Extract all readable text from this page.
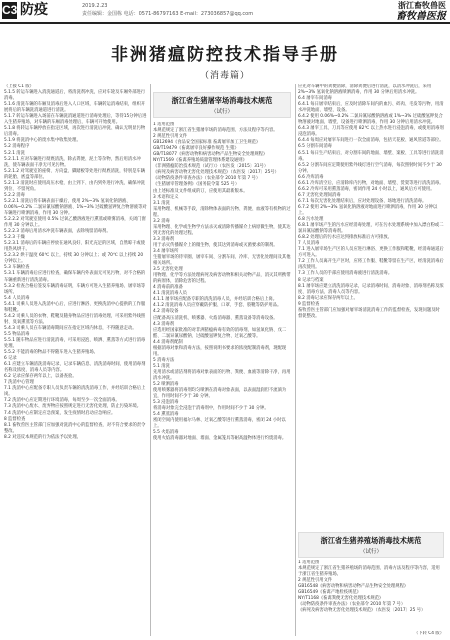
C3 防疫	2019.2.23
责任编辑：金国栋 电话：0571-86797163 E-mail：273036857@qq.com
浙江畜牧兽医
畜牧兽医报
非洲猪瘟防控技术指导手册
（消毒篇）

（上接 C1 版）

5.1.5 转运车辆进入消洗通道后，将清洗剂冲洗，应对车轮及车厢外部进行消毒。

5.1.6 清洗车辆的车厢及消毒后进入人口区域，车辆转运消毒结束，组织开展将后的车辆洗消通道进行清洗。

5.1.7 转运车辆进入场前在车辆洗消通道进行消毒处理后，等待15分钟后进入生猪养殖场，对车辆的车厢消毒处理后，车辆可开始使用。

5.1.8 将转运车辆停放在指定区域，再次进行清洗后冲洗、确认无明显污物后消毒。

5.1.9 将洗消中心的废水集中收集处理。

5.2 消毒程序

5.2.1 清洗

5.2.1.1 应对车辆进行彻底清洗，除去粪便、泥土等杂物，然后用清水冲洗，使车辆表面干净无可见污物。

5.2.1.2 对驾驶室的座椅、方向盘、脚踏板等处进行彻底清洗，特别是车辆的轮胎、底盘等部位。

5.2.1.3 清洗时应使用高压水枪，由上到下、由内到外进行冲洗，确保冲洗到位、不留死角。

5.2.2 消毒

5.2.2.1 清洗后待车辆表面干燥后，使用 2%~3% 氢氧化钠溶液、0.06%~0.2% 二氯异氰尿酸钠溶液、1%~3% 过硫酸氢钾复合物溶液等对车辆进行喷洒消毒，作用 30 分钟。

5.2.2.2 对驾驶室使用 0.5% 过氧乙酸溶液进行熏蒸或喷雾消毒，关闭门窗作用 30 分钟以上。

5.2.2.3 消毒后用清水冲洗车辆表面，去除残留消毒剂。

5.2.3 干燥

5.2.3.1 消毒后的车辆应停放在通风良好、阳光充足的区域，自然晾干或使用热风烘干。

5.2.3.2 烘干温度 60℃ 以上，持续 30 分钟以上；或 70℃ 以上持续 20 分钟以上。

5.3 车辆检查

5.3.1 车辆消毒后应进行检查，确保车辆内外表面无可见污物，对不合格的车辆重新进行清洗消毒。

5.3.2 检查合格后签发车辆消毒证明，车辆方可进入生猪养殖场、屠宰场等场所。

5.4 人员消毒

5.4.1 司乘人员进入洗消中心后，应进行淋浴、更换洗消中心提供的工作服和鞋靴。

5.4.2 司乘人员的衣物、鞋靴及随身物品应进行消毒处理，可采用紫外线照射、臭氧熏蒸等方法。

5.4.3 司乘人员在车辆消毒期间应在指定区域内休息，不得随意走动。

5.5 物品消毒

5.5.1 随车物品应进行清洗消毒，可采用浸泡、喷洒、熏蒸等方式进行消毒处理。

5.5.2 不能消毒的物品不得随车进入生猪养殖场。

6 记录

6.1 应建立车辆清洗消毒记录，记录车辆信息、清洗消毒时间、使用消毒剂名称及浓度、消毒人员等内容。

6.2 记录应保存两年以上，以备查验。

7 洗消中心管理

7.1 洗消中心应配备专职人员负责车辆的清洗消毒工作，并经培训合格后上岗。

7.2 洗消中心应定期进行环境消毒，每周至少一次全面消毒。

7.3 洗消中心废水、废弃物应按照规定进行无害化处理，防止污染环境。

7.4 洗消中心应制定应急预案，发生疫情时启动应急响应。

8 监督检查

8.1 畜牧兽医主管部门应加强对洗消中心的监督检查，对不符合要求的责令整改。

8.2 对违反本规范的行为依法予以处理。

浙江省生猪屠宰场消毒技术规范
（试行）

1 适用范围

本规范规定了浙江省生猪屠宰场的消毒范围、方法及程序等内容。

2 规范性引用文件

GB12694《食品安全国家标准 畜禽屠宰加工卫生规范》

GB/T19479《畜禽屠宰良好操作规范 生猪》

GB/T18077《病害动物和病害动物产品生物安全处理规程》

NY/T1569《畜禽养殖场质量管理体系建设通则》

《非洲猪瘟防治技术规范（试行）》（农医发〔2015〕31号）

《病死及病害动物无害化处理技术规范》（农医发〔2017〕25号）

《动物防疫条件审查办法》（农业部令 2010 年第 7 号）

《生猪屠宰管理条例》（国务院令第 525 号）

由上述标准及文件组成的订，应使用其最新版本。

3 术语和定义

3.1 清洗

采用物理、机械等手段，清除物体表面的污物、粪便、血液等有机物的过程。

3.2 消毒

采用物理、化学或生物学方法杀灭或清除传播媒介上病原微生物，使其达到无害化的处理过程。

3.3 消毒剂

用于杀灭传播媒介上的微生物，使其达到消毒或灭菌要求的制剂。

3.4 屠宰场所

生猪屠宰场的待宰圈、屠宰车间、分割车间、冷库、无害化处理间及其他相关场所。

3.5 无害化处理

用物理、化学等方法处理病死及病害动物和相关动物产品，消灭其所携带的病原体，消除危害的过程。

4 消毒前的准备

4.1 清洗消毒人员

4.1.1 屠宰场应配备专职的清洗消毒人员，并经培训合格后上岗。

4.1.2 清洗消毒人员应穿戴防护服、口罩、手套、胶靴等防护用品。

4.2 消毒设备

应配备高压清洗机、喷雾器、火焰消毒器、熏蒸设备等消毒设备。

4.3 消毒剂

应选用经国家批准的对非洲猪瘟病毒有效的消毒剂，如氢氧化钠、戊二醛、二氯异氰尿酸钠、过硫酸氢钾复合物、过氧乙酸等。

4.4 消毒剂配制

根据消毒对象和消毒方法，按照说明书要求的浓度配制消毒剂，现配现用。

5 消毒方法

5.1 清洗

先用清水或清洁剂将消毒对象表面的污物、粪便、血液等清除干净，再用清水冲洗。

5.2 喷洒消毒

使用喷雾器将消毒剂均匀喷洒在消毒对象表面，以表面湿润但不流淌为宜，作用时间不少于 30 分钟。

5.3 浸泡消毒

将消毒对象完全浸泡于消毒剂中，作用时间不少于 30 分钟。

5.4 熏蒸消毒

密闭空间内使用福尔马林、过氧乙酸等进行熏蒸消毒，密闭 24 小时以上。

5.5 火焰消毒

使用火焰消毒器对地面、墙面、金属笼具等耐高温物体进行灼烧消毒。

应先对车辆中的粪便清除，清除粪便后进行清洗，以清水冲洗后，采用 2%~3% 氢氧化钠溶液喷洒消毒，作用 30 分钟后用清水冲洗。

6.4 屠宰车间消毒

6.4.1 每日屠宰结束后，应及时清除车间内的血污、碎肉、毛发等污物，用清水冲洗地面、墙壁、设备。

6.4.2 使用 0.06%~0.2% 二氯异氰尿酸钠溶液或 1%~3% 过硫酸氢钾复合物溶液对地面、墙壁、设备进行喷洒消毒，作用 30 分钟后用清水冲洗。

6.4.3 屠宰工具、刀具等应使用 82℃ 以上热水进行浸泡消毒，或使用消毒剂浸泡消毒。

6.4.4 每周应对屠宰车间进行一次全面消毒，包括天花板、通风管道等部位。

6.5 分割车间消毒

6.5.1 每日生产结束后，对分割车间的地面、墙壁、案板、工具等进行清洗消毒。

6.5.2 分割车间应定期使用紫外线灯进行空气消毒，每次照射时间不少于 30 分钟。

6.6 冷库消毒

6.6.1 冷库清空后，应清除库内污物，对地面、墙壁、货架等进行清洗消毒。

6.6.2 冷库可采用熏蒸消毒，密闭作用 24 小时以上，通风后方可使用。

6.7 无害化处理间消毒

6.7.1 每次无害化处理结束后，应对处理设备、场地进行清洗消毒。

6.7.2 使用 2%~3% 氢氧化钠溶液对地面进行喷洒消毒，作用 30 分钟以上。

6.8 污水处理

6.8.1 屠宰场产生的污水应经消毒处理，可在污水处理系统中加入漂白粉或二氯异氰尿酸钠等消毒剂。

6.8.2 处理后的污水应达到排放标准后方可排放。

7 人员消毒

7.1 进入屠宰场生产区的人员应进行淋浴、更换工作服和鞋靴，经消毒通道后方可进入。

7.2 工作人员离开生产区时，应将工作服、鞋靴等留在生产区，经清洗消毒后再次使用。

7.3 工作人员的手部应使用消毒液进行清洗消毒。

8 记录与档案

8.1 屠宰场应建立清洗消毒记录，记录消毒时间、消毒对象、消毒剂名称及浓度、消毒方法、消毒人员等内容。

8.2 消毒记录应保存两年以上。

9 监督检查

畜牧兽医主管部门应加强对屠宰场清洗消毒工作的监督检查，发现问题及时督促整改。

浙江省生猪养殖场消毒技术规范
（试行）

1 适用范围

本规范规定了浙江省生猪养殖场的消毒范围、消毒方法及程序等内容，适用于浙江省生猪养殖场。

2 规范性引用文件

GB16548《病害动物和病害动物产品生物安全处理规程》

GB16549《畜禽产地检疫规范》

NY/T1168《畜禽粪便无害化处理技术规范》

《动物防疫条件审查办法》（农业部令 2010 年第 7 号）

《病死及病害动物无害化处理技术规范》（农医发〔2017〕25 号）

（下转 C4 版）
